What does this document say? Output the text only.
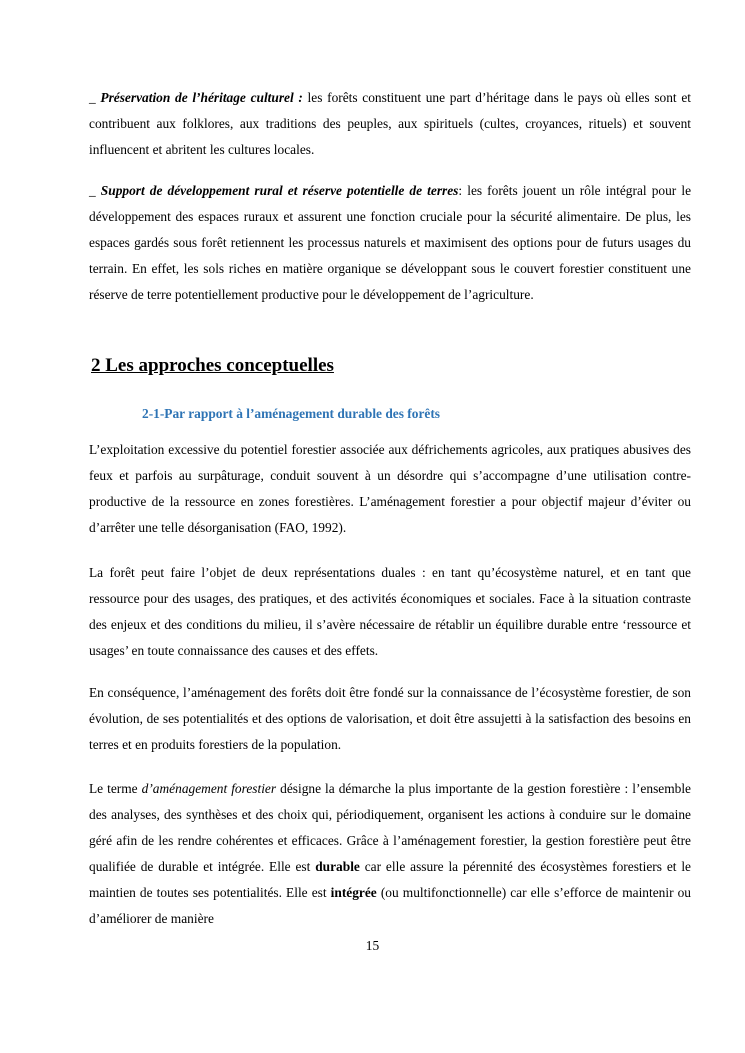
_ Préservation de l’héritage culturel : les forêts constituent une part d’héritage dans le pays où elles sont et contribuent aux folklores, aux traditions des peuples, aux spirituels (cultes, croyances, rituels) et souvent influencent et abritent les cultures locales.

_ Support de développement rural et réserve potentielle de terres: les forêts jouent un rôle intégral pour le développement des espaces ruraux et assurent une fonction cruciale pour la sécurité alimentaire. De plus, les espaces gardés sous forêt retiennent les processus naturels et maximisent des options pour de futurs usages du terrain. En effet, les sols riches en matière organique se développant sous le couvert forestier constituent une réserve de terre potentiellement productive pour le développement de l’agriculture.

2 Les approches conceptuelles
2-1-Par rapport à l’aménagement durable des forêts

L’exploitation excessive du potentiel forestier associée aux défrichements agricoles, aux pratiques abusives des feux et parfois au surpâturage, conduit souvent à un désordre qui s’accompagne d’une utilisation contre-productive de la ressource en zones forestières. L’aménagement forestier a pour objectif majeur d’éviter ou d’arrêter une telle désorganisation (FAO, 1992).

La forêt peut faire l’objet de deux représentations duales : en tant qu’écosystème naturel, et en tant que ressource pour des usages, des pratiques, et des activités économiques et sociales. Face à la situation contraste des enjeux et des conditions du milieu, il s’avère nécessaire de rétablir un équilibre durable entre ‘ressource et usages’ en toute connaissance des causes et des effets.

En conséquence, l’aménagement des forêts doit être fondé sur la connaissance de l’écosystème forestier, de son évolution, de ses potentialités et des options de valorisation, et doit être assujetti à la satisfaction des besoins en terres et en produits forestiers de la population.

Le terme d’aménagement forestier désigne la démarche la plus importante de la gestion forestière : l’ensemble des analyses, des synthèses et des choix qui, périodiquement, organisent les actions à conduire sur le domaine géré afin de les rendre cohérentes et efficaces. Grâce à l’aménagement forestier, la gestion forestière peut être qualifiée de durable et intégrée. Elle est durable car elle assure la pérennité des écosystèmes forestiers et le maintien de toutes ses potentialités. Elle est intégrée (ou multifonctionnelle) car elle s’efforce de maintenir ou d’améliorer de manière

15
